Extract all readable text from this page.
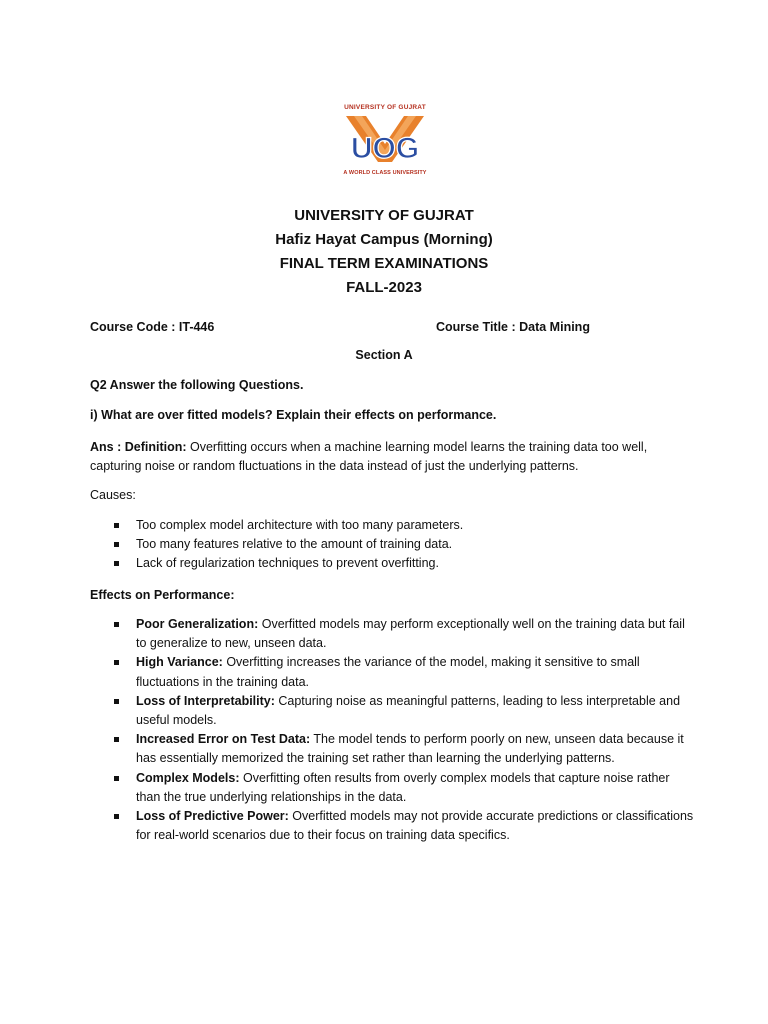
UNIVERSITY OF GUJRAT
UOG
A WORLD CLASS UNIVERSITY
UNIVERSITY OF GUJRAT
Hafiz Hayat Campus (Morning)
FINAL TERM EXAMINATIONS
FALL-2023
Course Code : IT-446	Course Title : Data Mining
Section A
Q2 Answer the following Questions.
i) What are over fitted models? Explain their effects on performance.
Ans : Definition: Overfitting occurs when a machine learning model learns the training data too well, capturing noise or random fluctuations in the data instead of just the underlying patterns.
Causes:
Too complex model architecture with too many parameters.
Too many features relative to the amount of training data.
Lack of regularization techniques to prevent overfitting.
Effects on Performance:
Poor Generalization: Overfitted models may perform exceptionally well on the training data but fail to generalize to new, unseen data.
High Variance: Overfitting increases the variance of the model, making it sensitive to small fluctuations in the training data.
Loss of Interpretability: Capturing noise as meaningful patterns, leading to less interpretable and useful models.
Increased Error on Test Data: The model tends to perform poorly on new, unseen data because it has essentially memorized the training set rather than learning the underlying patterns.
Complex Models: Overfitting often results from overly complex models that capture noise rather than the true underlying relationships in the data.
Loss of Predictive Power: Overfitted models may not provide accurate predictions or classifications for real-world scenarios due to their focus on training data specifics.
